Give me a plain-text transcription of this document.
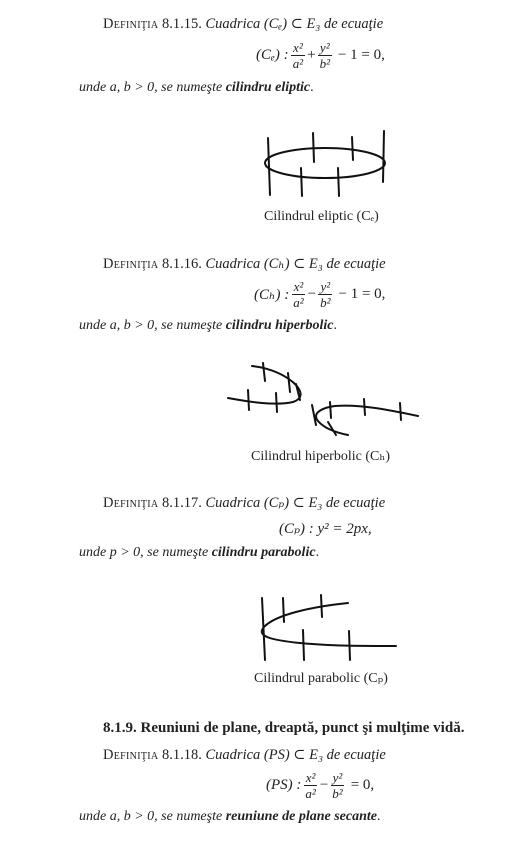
Definiţia 8.1.15. Cuadrica (Cₑ) ⊂ E₃ de ecuaţie
(Cₑ) : $\frac{\text{x²}}{\text{a²}} + \frac{\text{y²}}{\text{b²}} - 1 = 0$,
unde a, b > 0, se numeşte cilindru eliptic.
Cilindrul eliptic (Cₑ)
Definiţia 8.1.16. Cuadrica (Cₕ) ⊂ E₃ de ecuaţie
(Cₕ) : $\frac{\text{x²}}{\text{a²}} - \frac{\text{y²}}{\text{b²}} - 1 = 0$,
unde a, b > 0, se numeşte cilindru hiperbolic.
Cilindrul hiperbolic (Cₕ)
Definiţia 8.1.17. Cuadrica (Cₚ) ⊂ E₃ de ecuaţie
(Cₚ) : y² = 2px,
unde p > 0, se numeşte cilindru parabolic.
Cilindrul parabolic (Cₚ)
8.1.9. Reuniuni de plane, dreaptă, punct şi mulţime vidă.
Definiţia 8.1.18. Cuadrica (PS) ⊂ E₃ de ecuaţie
(PS) : $\frac{\text{x²}}{\text{a²}} - \frac{\text{y²}}{\text{b²}} = 0$,
unde a, b > 0, se numeşte reuniune de plane secante.
